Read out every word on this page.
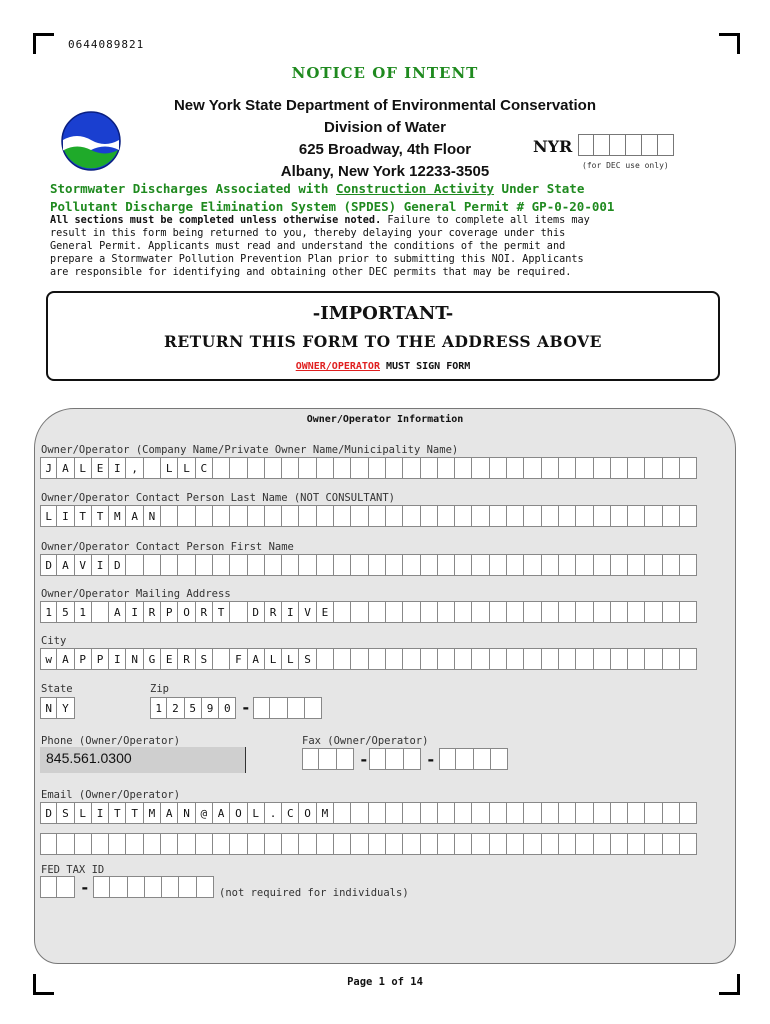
0644089821
NOTICE OF INTENT
New York State Department of Environmental Conservation
Division of Water
625 Broadway, 4th Floor
Albany, New York 12233-3505
NYR
(for DEC use only)
Stormwater Discharges Associated with Construction Activity Under State
Pollutant Discharge Elimination System (SPDES) General Permit # GP-0-20-001
All sections must be completed unless otherwise noted. Failure to complete all items may
result in this form being returned to you, thereby delaying your coverage under this
General Permit. Applicants must read and understand the conditions of the permit and
prepare a Stormwater Pollution Prevention Plan prior to submitting this NOI. Applicants
are responsible for identifying and obtaining other DEC permits that may be required.
-IMPORTANT-
RETURN THIS FORM TO THE ADDRESS ABOVE
OWNER/OPERATOR MUST SIGN FORM
Owner/Operator Information
Owner/Operator (Company Name/Private Owner Name/Municipality Name)
J A L E I ,	L L C
Owner/Operator Contact Person Last Name (NOT CONSULTANT)
L I T T M A N
Owner/Operator Contact Person First Name
D A V I D
Owner/Operator Mailing Address
1 5 1	A I R P O R T	D R I V E
City
w A P P I N G E R S	F A L L S
State
N Y
Zip
1 2 5 9 0 -
Phone (Owner/Operator)
845.561.0300
Fax (Owner/Operator)
-	-
Email (Owner/Operator)
D S L I T T M A N @ A O L . C O M
FED TAX ID
-	(not required for individuals)
Page 1 of 14
